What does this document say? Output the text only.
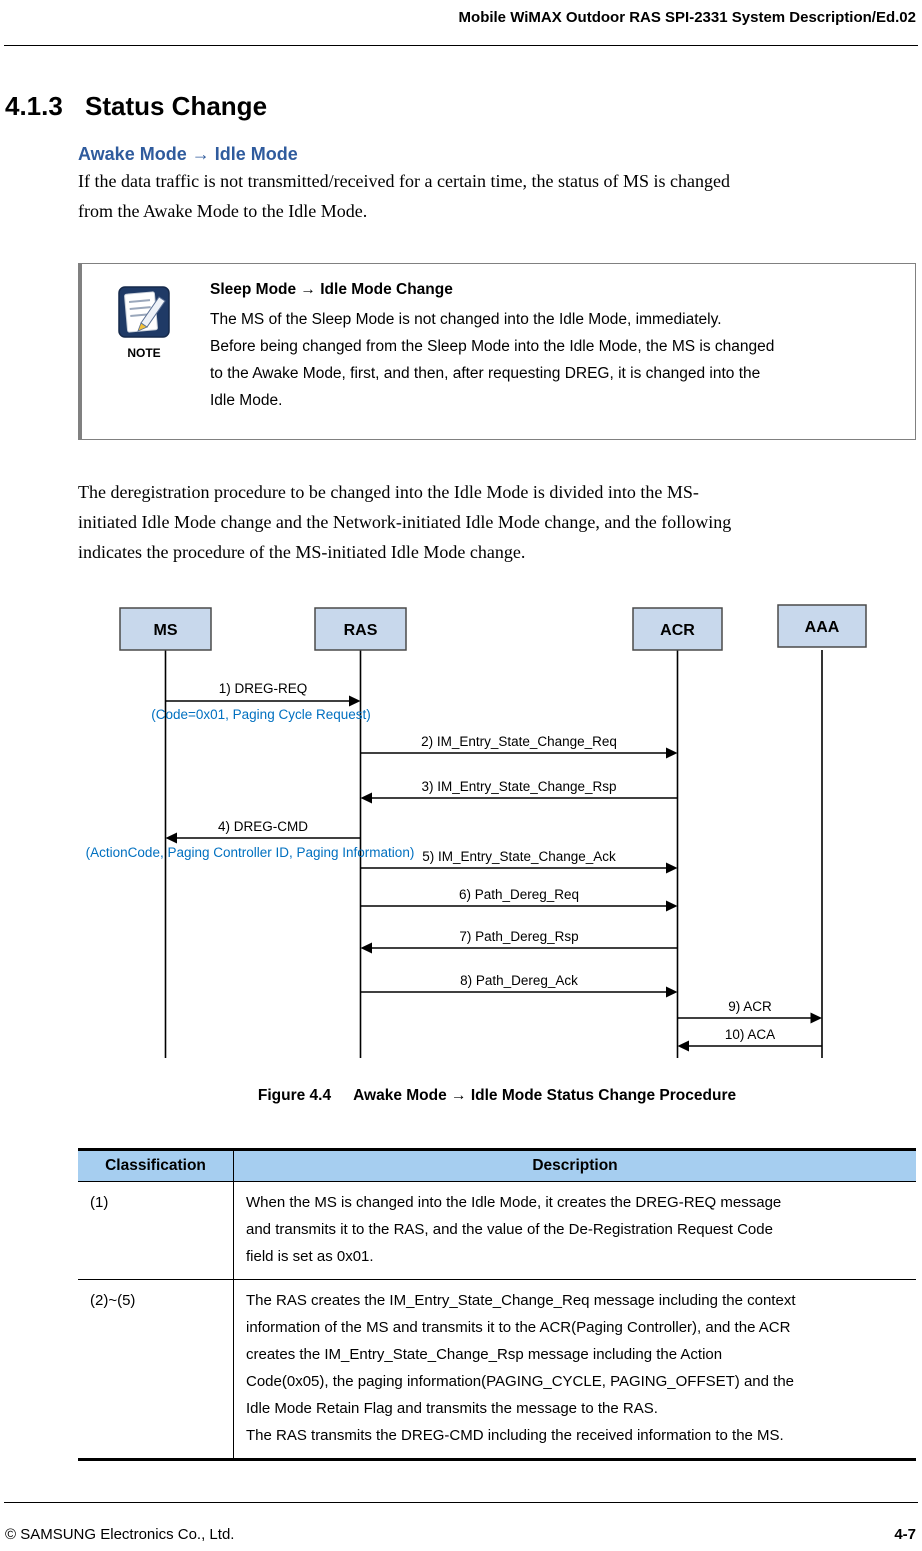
Mobile WiMAX Outdoor RAS SPI-2331 System Description/Ed.02
4.1.3 Status Change
Awake Mode → Idle Mode

If the data traffic is not transmitted/received for a certain time, the status of MS is changed
from the Awake Mode to the Idle Mode.

NOTE
Sleep Mode → Idle Mode Change
The MS of the Sleep Mode is not changed into the Idle Mode, immediately.
Before being changed from the Sleep Mode into the Idle Mode, the MS is changed
to the Awake Mode, first, and then, after requesting DREG, it is changed into the
Idle Mode.

The deregistration procedure to be changed into the Idle Mode is divided into the MS-
initiated Idle Mode change and the Network-initiated Idle Mode change, and the following
indicates the procedure of the MS-initiated Idle Mode change.

MS	RAS	ACR	AAA
1) DREG-REQ
(Code=0x01, Paging Cycle Request)
2) IM_Entry_State_Change_Req
3) IM_Entry_State_Change_Rsp
4) DREG-CMD
(ActionCode, Paging Controller ID, Paging Information) 5) IM_Entry_State_Change_Ack
6) Path_Dereg_Req
7) Path_Dereg_Rsp
8) Path_Dereg_Ack
9) ACR
10) ACA
Figure 4.4 Awake Mode → Idle Mode Status Change Procedure
Classification	Description
(1)	When the MS is changed into the Idle Mode, it creates the DREG-REQ message
and transmits it to the RAS, and the value of the De-Registration Request Code
field is set as 0x01.
(2)~(5)	The RAS creates the IM_Entry_State_Change_Req message including the context
information of the MS and transmits it to the ACR(Paging Controller), and the ACR
creates the IM_Entry_State_Change_Rsp message including the Action
Code(0x05), the paging information(PAGING_CYCLE, PAGING_OFFSET) and the
Idle Mode Retain Flag and transmits the message to the RAS.
The RAS transmits the DREG-CMD including the received information to the MS.
© SAMSUNG Electronics Co., Ltd.	4-7
